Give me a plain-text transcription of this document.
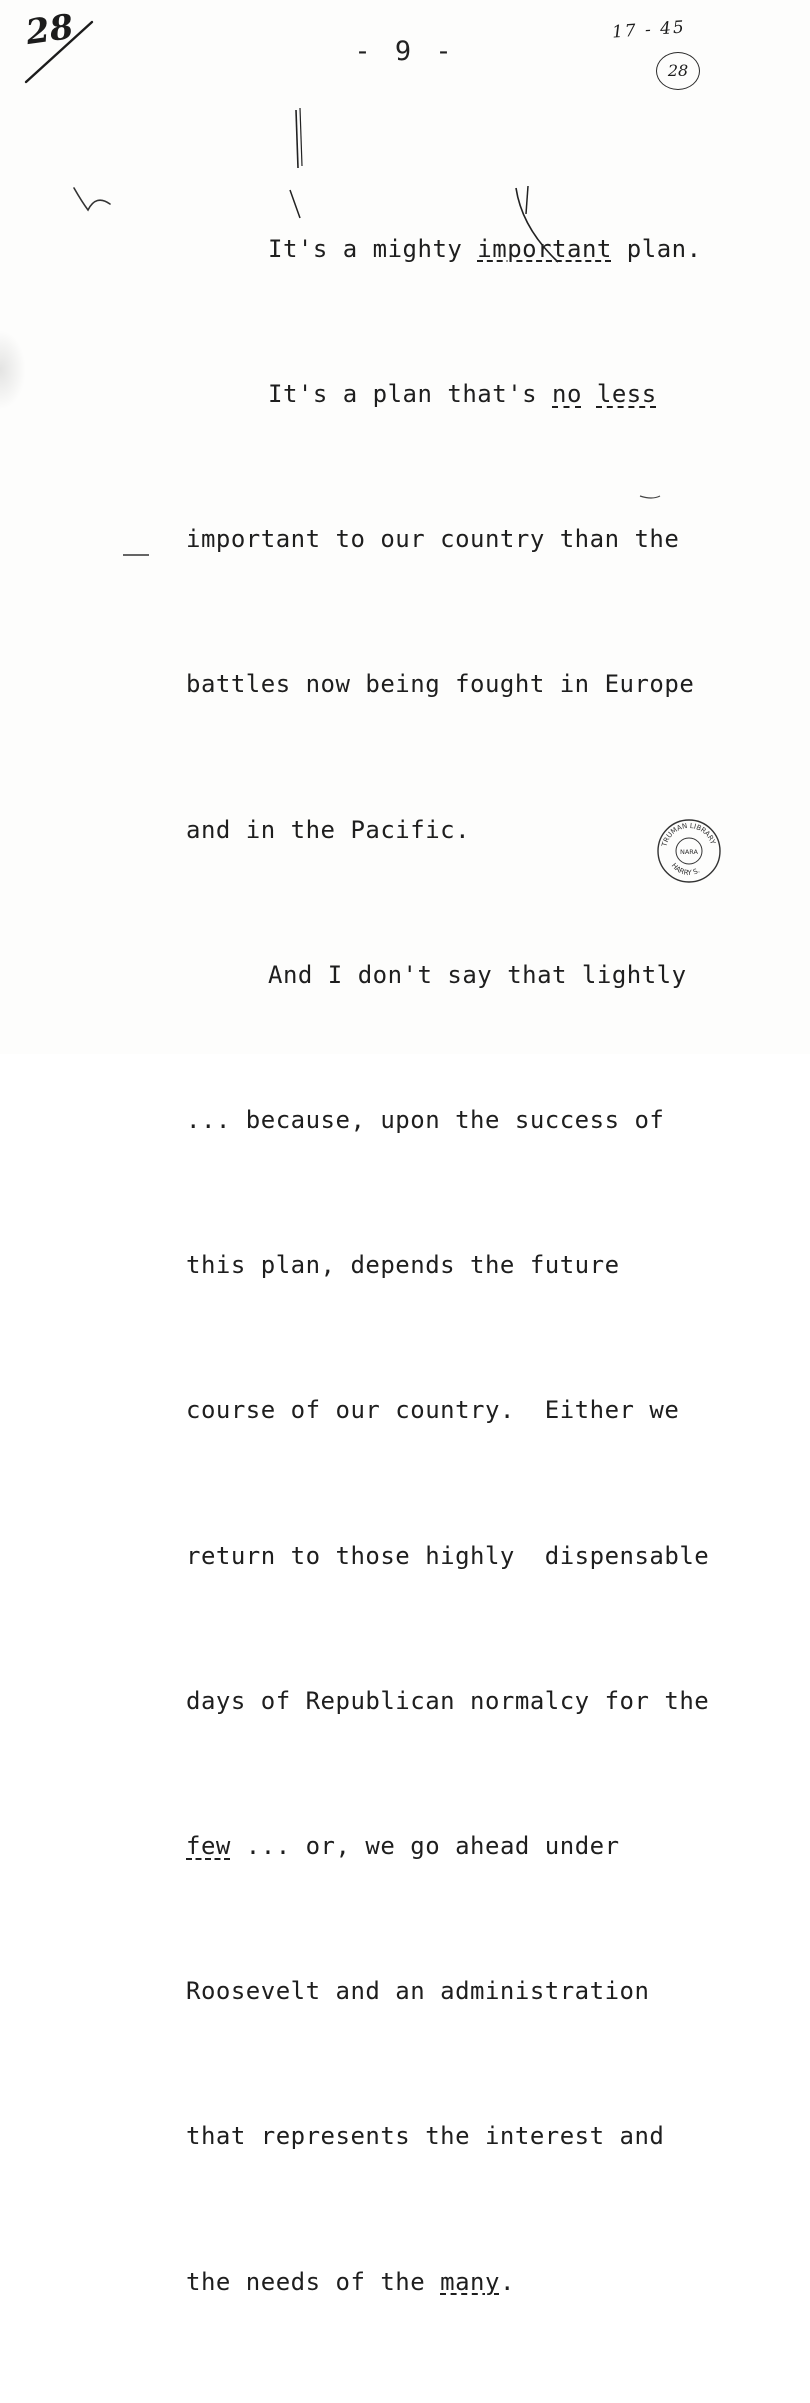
28	17 - 45
28
- 9 -

It's a mighty important plan.

It's a plan that's no less

important to our country than the

battles now being fought in Europe

and in the Pacific.

And I don't say that lightly

... because, upon the success of

this plan, depends the future

course of our country.  Either we

return to those highly  dispensable

days of Republican normalcy for the

few ... or, we go ahead under

Roosevelt and an administration

that represents the interest and

the needs of the many.

TRUMAN LIBRARY
HARRY S.
NARA
